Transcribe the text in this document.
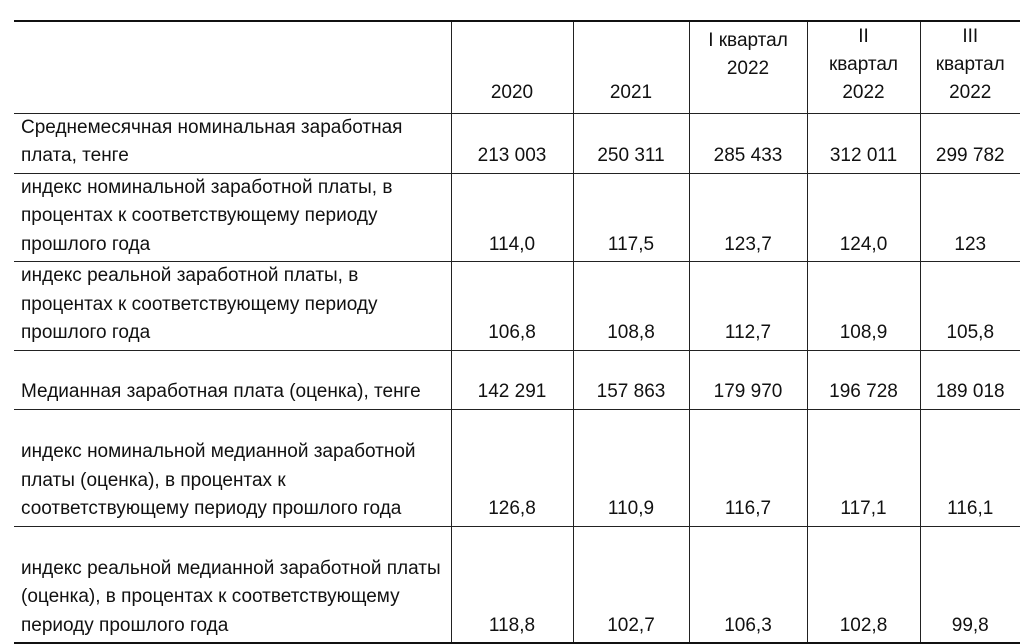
	2020	2021	I квартал 2022	II квартал 2022	III квартал 2022

Среднемесячная номинальная заработная плата, тенге	213 003	250 311	285 433	312 011	299 782
индекс номинальной заработной платы, в процентах к соответствующему периоду прошлого года	114,0	117,5	123,7	124,0	123
индекс реальной заработной платы, в процентах к соответствующему периоду прошлого года	106,8	108,8	112,7	108,9	105,8
Медианная заработная плата (оценка), тенге	142 291	157 863	179 970	196 728	189 018
индекс номинальной медианной заработной платы (оценка), в процентах к соответствующему периоду прошлого года	126,8	110,9	116,7	117,1	116,1
индекс реальной медианной заработной платы (оценка), в процентах к соответствующему периоду прошлого года	118,8	102,7	106,3	102,8	99,8
